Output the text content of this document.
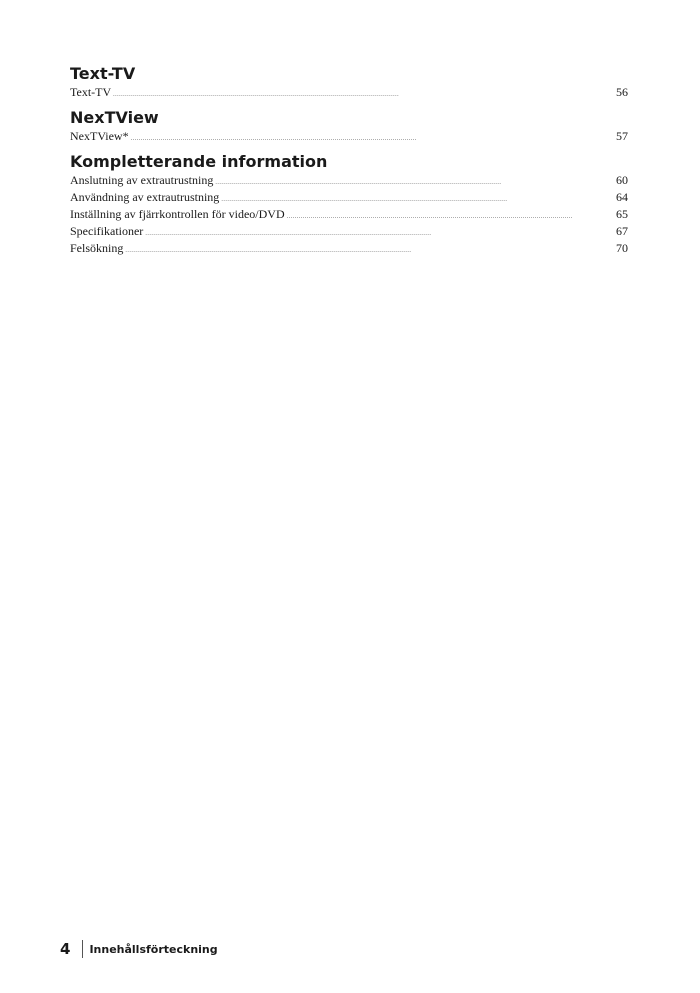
Text-TV
Text-TV . . .	56
NexTView
NexTView* . . .	57
Kompletterande information
Anslutning av extrautrustning . . .	60
Användning av extrautrustning . . .	64
Inställning av fjärrkontrollen för video/DVD . . .	65
Specifikationer . . .	67
Felsökning . . .	70
4 Innehållsförteckning
